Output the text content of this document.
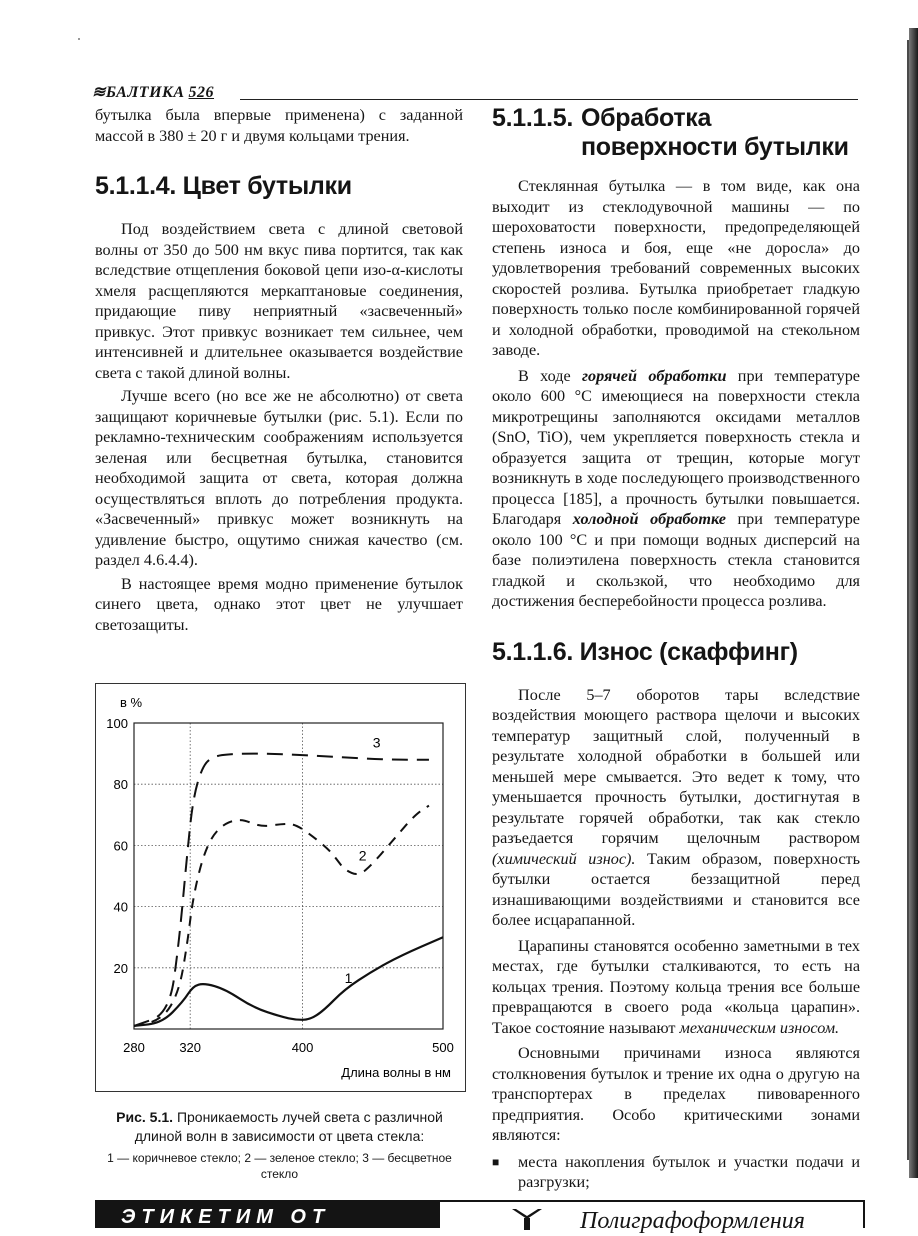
≋БАЛТИКА 526

бутылка была впервые применена) с заданной массой в 380 ± 20 г и двумя кольцами трения.

5.1.1.4. Цвет бутылки

Под воздействием света с длиной световой волны от 350 до 500 нм вкус пива портится, так как вследствие отщепления боковой цепи изо-α-кислоты хмеля расщепляются меркаптановые соединения, придающие пиву неприятный «засвеченный» привкус. Этот привкус возникает тем сильнее, чем интенсивней и длительнее оказывается воздействие света с такой длиной волны.

Лучше всего (но все же не абсолютно) от света защищают коричневые бутылки (рис. 5.1). Если по рекламно-техническим соображениям используется зеленая или бесцветная бутылка, становится необходимой защита от света, которая должна осуществляться вплоть до потребления продукта. «Засвеченный» привкус может возникнуть на удивление быстро, ощутимо снижая качество (см. раздел 4.6.4.4).

В настоящее время модно применение бутылок синего цвета, однако этот цвет не улучшает светозащиты.

20
40
60
80
100
280	320	400	500
в %
Длина волны в нм
1
2
3
Рис. 5.1. Проникаемость лучей света с различной длиной волн в зависимости от цвета стекла:
1 — коричневое стекло; 2 — зеленое стекло; 3 — бесцветное стекло
5.1.1.5. Обработка поверхности бутылки

Стеклянная бутылка — в том виде, как она выходит из стеклодувочной машины — по шероховатости поверхности, предопределяющей степень износа и боя, еще «не доросла» до удовлетворения требований современных высоких скоростей розлива. Бутылка приобретает гладкую поверхность только после комбинированной горячей и холодной обработки, проводимой на стекольном заводе.

В ходе горячей обработки при температуре около 600 °С имеющиеся на поверхности стекла микротрещины заполняются оксидами металлов (SnO, TiO), чем укрепляется поверхность стекла и образуется защита от трещин, которые могут возникнуть в ходе последующего производственного процесса [185], а прочность бутылки повышается. Благодаря холодной обработке при температуре около 100 °С и при помощи водных дисперсий на базе полиэтилена поверхность стекла становится гладкой и скользкой, что необходимо для достижения бесперебойности процесса розлива.

5.1.1.6. Износ (скаффинг)

После 5–7 оборотов тары вследствие воздействия моющего раствора щелочи и высоких температур защитный слой, полученный в результате холодной обработки в большей или меньшей мере смывается. Это ведет к тому, что уменьшается прочность бутылки, достигнутая в результате горячей обработки, так как стекло разъедается горячим щелочным раствором (химический износ). Таким образом, поверхность бутылки остается беззащитной перед изнашивающими воздействиями и становится все более исцарапанной.

Царапины становятся особенно заметными в тех местах, где бутылки сталкиваются, то есть на кольцах трения. Поэтому кольца трения все больше превращаются в своего рода «кольца царапин». Такое состояние называют механическим износом.

Основными причинами износа являются столкновения бутылок и трение их одна о другую на транспортерах в пределах пивоваренного предприятия. Особо критическими зонами являются:

■	места накопления бутылок и участки подачи и разгрузки;
ЭТИКЕТИМ ОТ	Полиграфоформления
